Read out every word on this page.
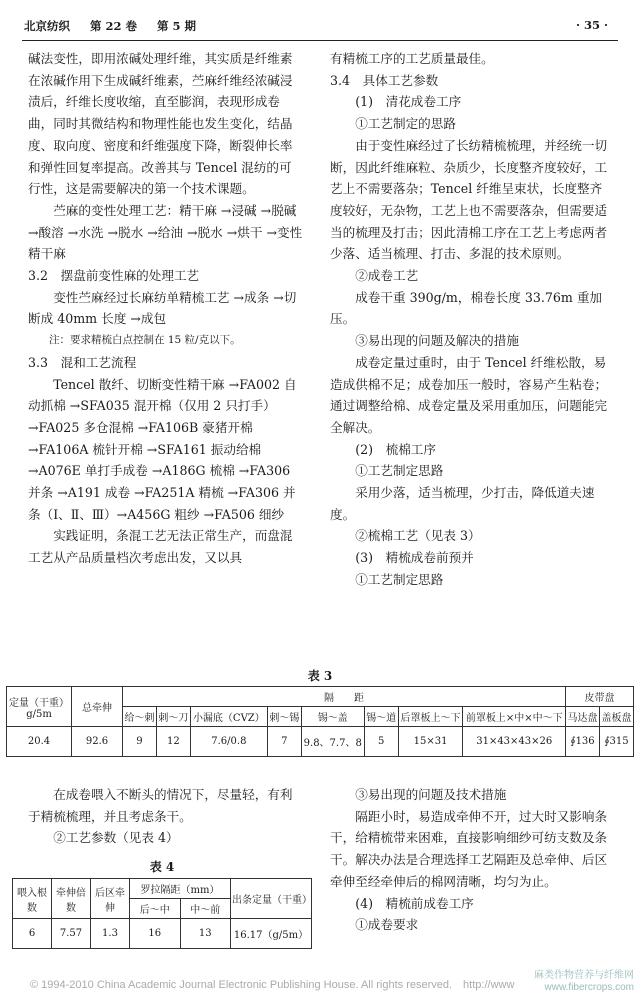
北京纺织 第 22 卷 第 5 期	· 35 ·

碱法变性，即用浓碱处理纤维，其实质是纤维素在浓碱作用下生成碱纤维素，苎麻纤维经浓碱浸渍后，纤维长度收缩，直至膨润，表现形成卷曲，同时其微结构和物理性能也发生变化，结晶度、取向度、密度和纤维强度下降，断裂伸长率和弹性回复率提高。改善其与 Tencel 混纺的可行性，这是需要解决的第一个技术课题。

苎麻的变性处理工艺：精干麻 →浸碱 →脱碱 →酸溶 →水洗 →脱水 →给油 →脱水 →烘干 →变性精干麻

3.2　摆盘前变性麻的处理工艺

变性苎麻经过长麻纺单精梳工艺 →成条 →切断成 40mm 长度 →成包

注：要求精梳白点控制在 15 粒/克以下。

3.3　混和工艺流程

Tencel 散纤、切断变性精干麻 →FA002 自动抓棉 →SFA035 混开棉（仅用 2 只打手）→FA025 多仓混棉 →FA106B 豪猪开棉 →FA106A 梳针开棉 →SFA161 振动给棉 →A076E 单打手成卷 →A186G 梳棉 →FA306 并条 →A191 成卷 →FA251A 精梳 →FA306 并条（Ⅰ、Ⅱ、Ⅲ）→A456G 粗纱 →FA506 细纱

实践证明，条混工艺无法正常生产，而盘混工艺从产品质量档次考虑出发，又以具

有精梳工序的工艺质量最佳。

3.4　具体工艺参数

(1)　清花成卷工序

①工艺制定的思路

由于变性麻经过了长纺精梳梳理，并经统一切断，因此纤维麻粒、杂质少，长度整齐度较好，工艺上不需要落杂；Tencel 纤维呈束状，长度整齐度较好，无杂物，工艺上也不需要落杂，但需要适当的梳理及打击；因此清棉工序在工艺上考虑两者少落、适当梳理、打击、多混的技术原则。

②成卷工艺

成卷干重 390g/m，棉卷长度 33.76m 重加压。

③易出现的问题及解决的措施

成卷定量过重时，由于 Tencel 纤维松散，易造成供棉不足；成卷加压一般时，容易产生粘卷；通过调整给棉、成卷定量及采用重加压，问题能完全解决。

(2)　梳棉工序

①工艺制定思路

采用少落，适当梳理，少打击，降低道夫速度。

②梳棉工艺（见表 3）

(3)　精梳成卷前预并

①工艺制定思路

表 3
定量（干重）g/5m	总牵伸	隔　　距								皮带盘	
		给～刺	刺～刀	小漏底（CVZ）	刺～锡	锡～盖	锡～道	后罩板上～下	前罩板上×中×中～下	马达盘	盖板盘
20.4	92.6	9	12	7.6/0.8	7	9.8、7.7、8	5	15×31	31×43×43×26	∮136	∮315

在成卷喂入不断头的情况下，尽量轻，有利于精梳梳理，并且考虑条干。

②工艺参数（见表 4）

③易出现的问题及技术措施

隔距小时，易造成牵伸不开，过大时又影响条干，给精梳带来困难，直接影响细纱可纺支数及条干。解决办法是合理选择工艺隔距及总牵伸、后区牵伸至经牵伸后的棉网清晰，均匀为止。

(4)　精梳前成卷工序

①成卷要求

表 4
喂入根数	牵伸倍数	后区牵伸	罗拉隔距（mm）		出条定量（干重）
			后～中	中～前	
6	7.57	1.3	16	13	16.17（g/5m）
© 1994-2010 China Academic Journal Electronic Publishing House. All rights reserved.　http://www
麻类作物营养与纤维网 www.fibercrops.com
